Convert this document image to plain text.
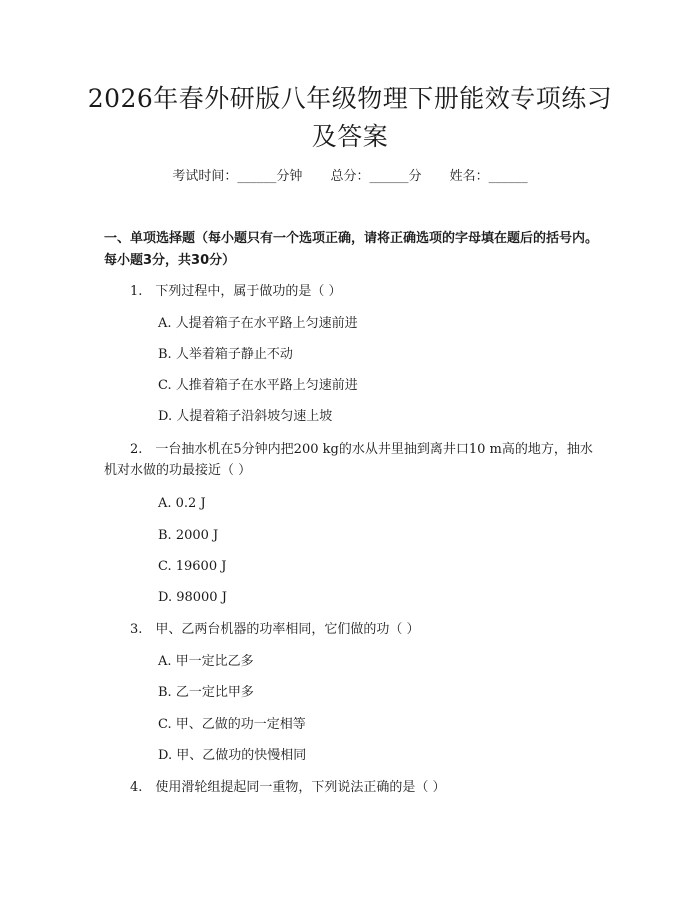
2026年春外研版八年级物理下册能效专项练习及答案
考试时间：______分钟 总分：______分 姓名：______
一、单项选择题（每小题只有一个选项正确，请将正确选项的字母填在题后的括号内。每小题3分，共30分）
1.　下列过程中，属于做功的是（ ）
A. 人提着箱子在水平路上匀速前进
B. 人举着箱子静止不动
C. 人推着箱子在水平路上匀速前进
D. 人提着箱子沿斜坡匀速上坡
2.　一台抽水机在5分钟内把200 kg的水从井里抽到离井口10 m高的地方，抽水机对水做的功最接近（ ）
A. 0.2 J
B. 2000 J
C. 19600 J
D. 98000 J
3.　甲、乙两台机器的功率相同，它们做的功（ ）
A. 甲一定比乙多
B. 乙一定比甲多
C. 甲、乙做的功一定相等
D. 甲、乙做功的快慢相同
4.　使用滑轮组提起同一重物，下列说法正确的是（ ）
